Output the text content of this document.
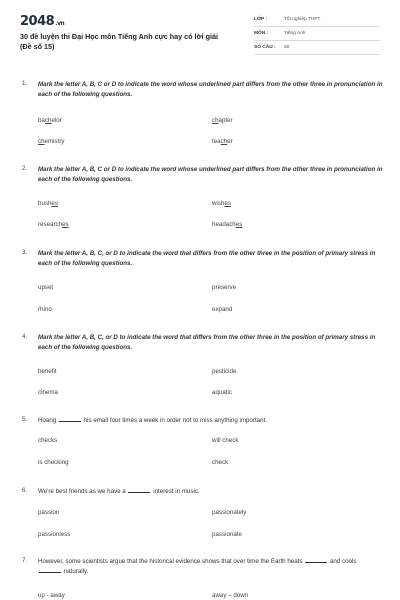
2048.vn
30 đề luyện thi Đại Học môn Tiếng Anh cực hay có lời giải
(Đề số 15)
LỚP :	Tốt nghiệp THPT
MÔN :	Tiếng Anh
SỐ CÂU : 50
1. Mark the letter A, B, C or D to indicate the word whose underlined part differs from the other three in pronunciation in each of the following questions.
bachelor	chapter
chemistry	teacher
2. Mark the letter A, B, C or D to indicate the word whose underlined part differs from the other three in pronunciation in each of the following questions.
bushes	wishes
researches	headaches
3. Mark the letter A, B, C, or D to indicate the word that differs from the other three in the position of primary stress in each of the following questions.
upset	preserve
rhino	expand
4. Mark the letter A, B, C, or D to indicate the word that differs from the other three in the position of primary stress in each of the following questions.
benefit	pesticide
cinema	aquatic
5. Hoang	his email four times a week in order not to miss anything important.
checks	will check
is checking	check
6. We're best friends as we have a	interest in music.
passion	passionately
passionless	passionate
7. However, some scientists argue that the historical evidence shows that over time the Earth heats	and cools  naturally.
up - away	away – down
